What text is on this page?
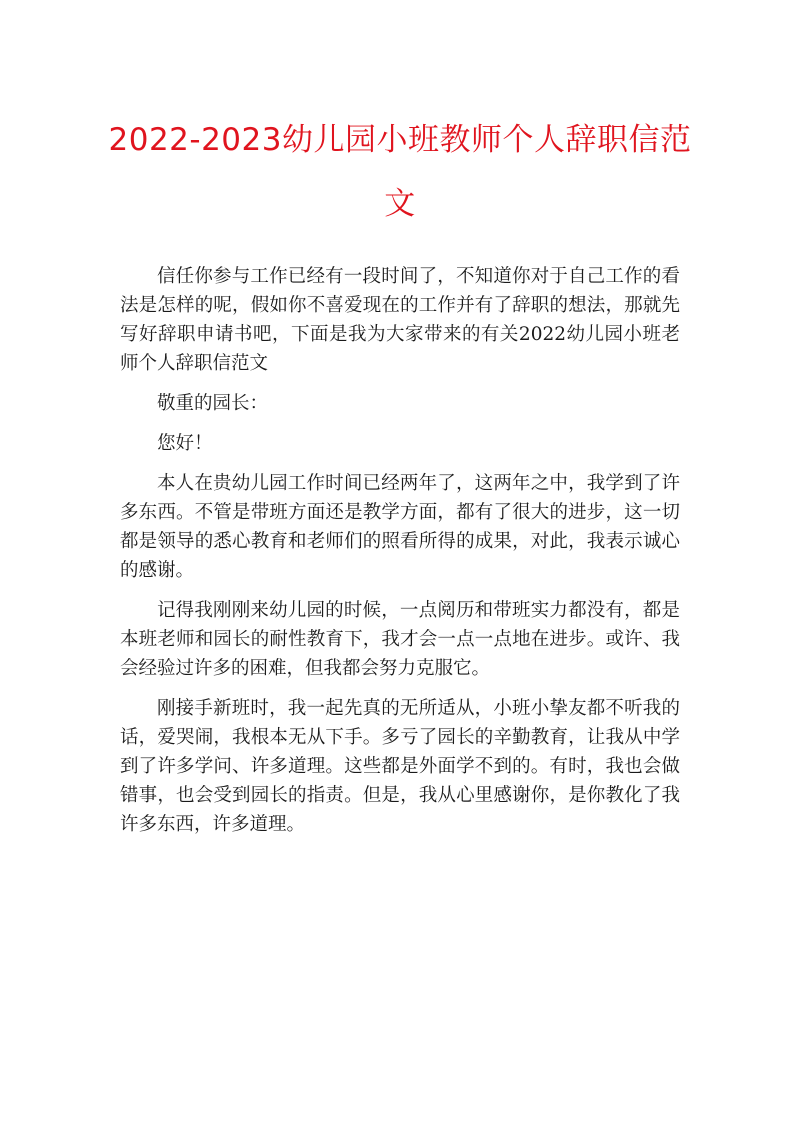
2022-2023幼儿园小班教师个人辞职信范文

信任你参与工作已经有一段时间了，不知道你对于自己工作的看法是怎样的呢，假如你不喜爱现在的工作并有了辞职的想法，那就先写好辞职申请书吧，下面是我为大家带来的有关2022幼儿园小班老师个人辞职信范文

敬重的园长：

您好！

本人在贵幼儿园工作时间已经两年了，这两年之中，我学到了许多东西。不管是带班方面还是教学方面，都有了很大的进步，这一切都是领导的悉心教育和老师们的照看所得的成果，对此，我表示诚心的感谢。

记得我刚刚来幼儿园的时候，一点阅历和带班实力都没有，都是本班老师和园长的耐性教育下，我才会一点一点地在进步。或许、我会经验过许多的困难，但我都会努力克服它。

刚接手新班时，我一起先真的无所适从，小班小挚友都不听我的话，爱哭闹，我根本无从下手。多亏了园长的辛勤教育，让我从中学到了许多学问、许多道理。这些都是外面学不到的。有时，我也会做错事，也会受到园长的指责。但是，我从心里感谢你，是你教化了我许多东西，许多道理。
